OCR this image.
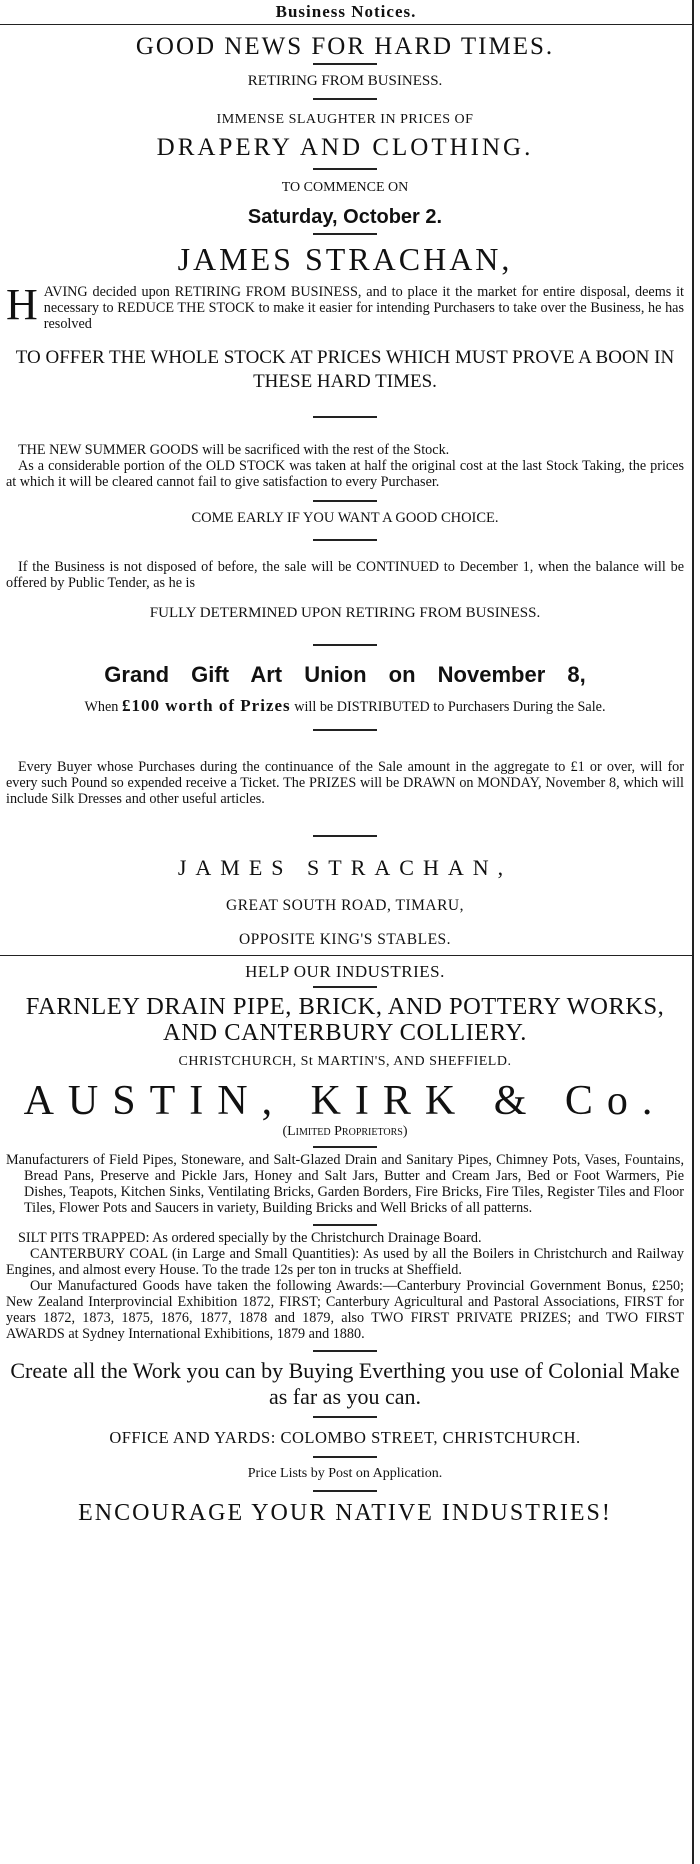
Business Notices.

GOOD NEWS FOR HARD TIMES.

RETIRING FROM BUSINESS.

IMMENSE SLAUGHTER IN PRICES OF

DRAPERY AND CLOTHING.

TO COMMENCE ON

Saturday, October 2.

JAMES STRACHAN,

HAVING decided upon RETIRING FROM BUSINESS, and to place it the market for entire disposal, deems it necessary to REDUCE THE STOCK to make it easier for intending Purchasers to take over the Business, he has resolved

TO OFFER THE WHOLE STOCK AT PRICES WHICH MUST PROVE A BOON IN THESE HARD TIMES.

THE NEW SUMMER GOODS will be sacrificed with the rest of the Stock.

As a considerable portion of the OLD STOCK was taken at half the original cost at the last Stock Taking, the prices at which it will be cleared cannot fail to give satisfaction to every Purchaser.

COME EARLY IF YOU WANT A GOOD CHOICE.

If the Business is not disposed of before, the sale will be CONTINUED to December 1, when the balance will be offered by Public Tender, as he is

FULLY DETERMINED UPON RETIRING FROM BUSINESS.

Grand Gift Art Union on November 8,

When £100 worth of Prizes will be DISTRIBUTED to Purchasers During the Sale.

Every Buyer whose Purchases during the continuance of the Sale amount in the aggregate to £1 or over, will for every such Pound so expended receive a Ticket. The PRIZES will be DRAWN on MONDAY, November 8, which will include Silk Dresses and other useful articles.

JAMES STRACHAN,

GREAT SOUTH ROAD, TIMARU,

OPPOSITE KING'S STABLES.

HELP OUR INDUSTRIES.

FARNLEY DRAIN PIPE, BRICK, AND POTTERY WORKS, AND CANTERBURY COLLIERY.

CHRISTCHURCH, St MARTIN'S, AND SHEFFIELD.

AUSTIN, KIRK & Co.

(Limited Proprietors)

Manufacturers of Field Pipes, Stoneware, and Salt-Glazed Drain and Sanitary Pipes, Chimney Pots, Vases, Fountains, Bread Pans, Preserve and Pickle Jars, Honey and Salt Jars, Butter and Cream Jars, Bed or Foot Warmers, Pie Dishes, Teapots, Kitchen Sinks, Ventilating Bricks, Garden Borders, Fire Bricks, Fire Tiles, Register Tiles and Floor Tiles, Flower Pots and Saucers in variety, Building Bricks and Well Bricks of all patterns.

SILT PITS TRAPPED: As ordered specially by the Christchurch Drainage Board.

CANTERBURY COAL (in Large and Small Quantities): As used by all the Boilers in Christchurch and Railway Engines, and almost every House. To the trade 12s per ton in trucks at Sheffield.

Our Manufactured Goods have taken the following Awards:—Canterbury Provincial Government Bonus, £250; New Zealand Interprovincial Exhibition 1872, FIRST; Canterbury Agricultural and Pastoral Associations, FIRST for years 1872, 1873, 1875, 1876, 1877, 1878 and 1879, also TWO FIRST PRIVATE PRIZES; and TWO FIRST AWARDS at Sydney International Exhibitions, 1879 and 1880.

Create all the Work you can by Buying Everthing you use of Colonial Make as far as you can.

OFFICE AND YARDS: COLOMBO STREET, CHRISTCHURCH.

Price Lists by Post on Application.

ENCOURAGE YOUR NATIVE INDUSTRIES!
